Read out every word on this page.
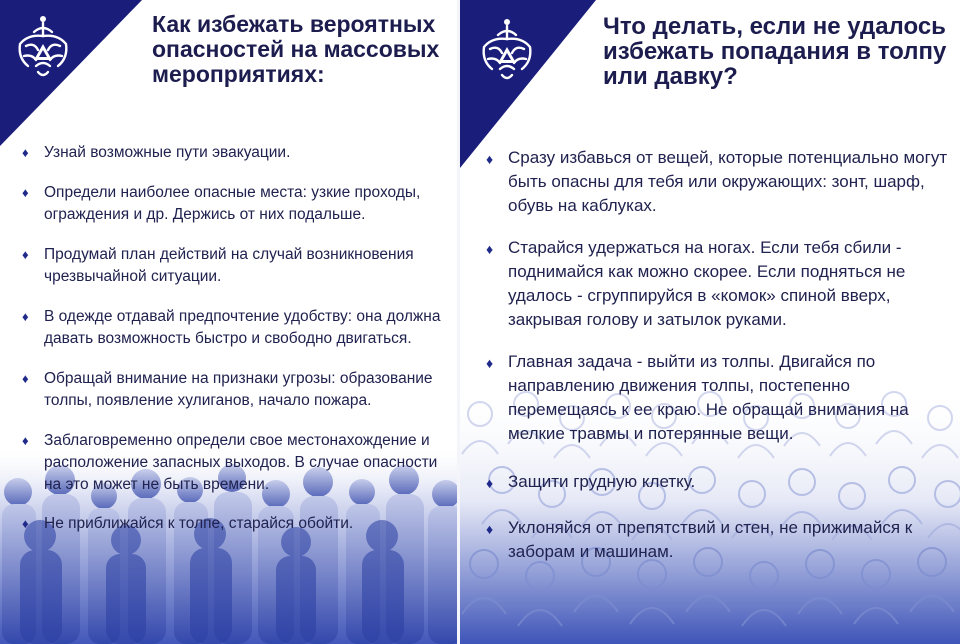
Как избежать вероятных опасностей на массовых мероприятиях:
♦ Узнай возможные пути эвакуации.
♦ Определи наиболее опасные места: узкие проходы, ограждения и др. Держись от них подальше.
♦ Продумай план действий на случай возникновения чрезвычайной ситуации.
♦ В одежде отдавай предпочтение удобству: она должна давать возможность быстро и свободно двигаться.
♦ Обращай внимание на признаки угрозы: образование толпы, появление хулиганов, начало пожара.
♦ Заблаговременно определи свое местонахождение и расположение запасных выходов. В случае опасности на это может не быть времени.
♦ Не приближайся к толпе, старайся обойти.
Что делать, если не удалось избежать попадания в толпу или давку?
♦ Сразу избавься от вещей, которые потенциально могут быть опасны для тебя или окружающих: зонт, шарф, обувь на каблуках.
♦ Старайся удержаться на ногах. Если тебя сбили - поднимайся как можно скорее. Если подняться не удалось - сгруппируйся в «комок» спиной вверх, закрывая голову и затылок руками.
♦ Главная задача - выйти из толпы. Двигайся по направлению движения толпы, постепенно перемещаясь к ее краю. Не обращай внимания на мелкие травмы и потерянные вещи.
♦ Защити грудную клетку.
♦ Уклоняйся от препятствий и стен, не прижимайся к заборам и машинам.
